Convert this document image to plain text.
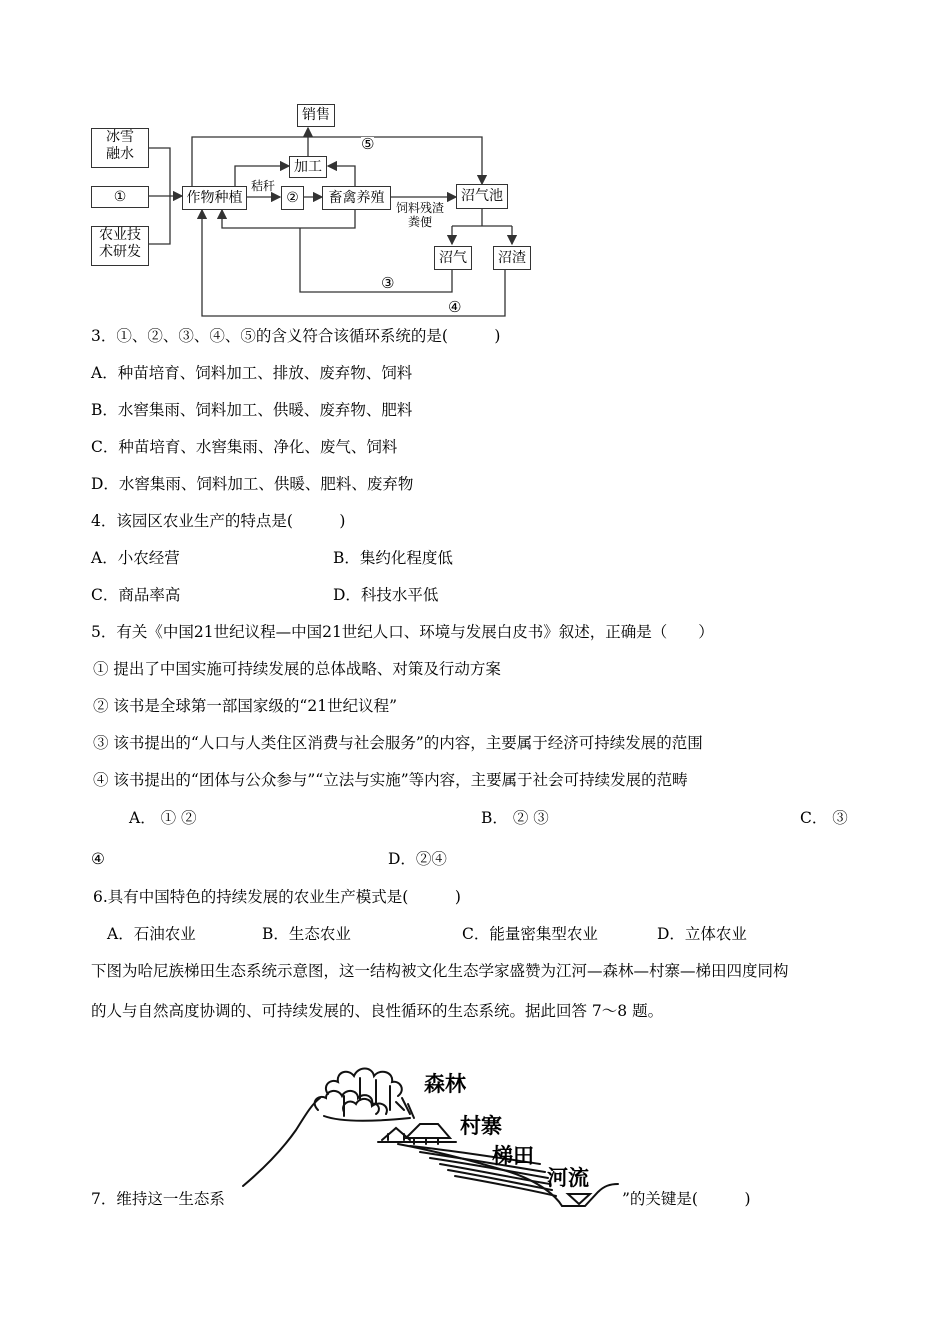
冰雪
融水
①
农业技
术研发
作物种植	②	畜禽养殖	沼气池
加工
销售
沼气	沼渣
秸秆
饲料残渣
粪便
⑤
③
④
3．①、②、③、④、⑤的含义符合该循环系统的是(　　　)
A．种苗培育、饲料加工、排放、废弃物、饲料
B．水窖集雨、饲料加工、供暖、废弃物、肥料
C．种苗培育、水窖集雨、净化、废气、饲料
D．水窖集雨、饲料加工、供暖、肥料、废弃物
4．该园区农业生产的特点是(　　　)
A．小农经营	B．集约化程度低
C．商品率高	D．科技水平低
5．有关《中国21世纪议程—中国21世纪人口、环境与发展白皮书》叙述，正确是（　　）
① 提出了中国实施可持续发展的总体战略、对策及行动方案
② 该书是全球第一部国家级的“21世纪议程”
③ 该书提出的“人口与人类住区消费与社会服务”的内容，主要属于经济可持续发展的范围
④ 该书提出的“团体与公众参与”“立法与实施”等内容，主要属于社会可持续发展的范畴
A． ① ②	B． ② ③	C． ③
④	D．②④
6.具有中国特色的持续发展的农业生产模式是(　　　)
A．石油农业	B．生态农业	C．能量密集型农业	D．立体农业
下图为哈尼族梯田生态系统示意图，这一结构被文化生态学家盛赞为江河—森林—村寨—梯田四度同构
的人与自然高度协调的、可持续发展的、良性循环的生态系统。据此回答 7～8 题。
森林
村寨
梯田
河流
7．维持这一生态系	”的关键是(　　　)
